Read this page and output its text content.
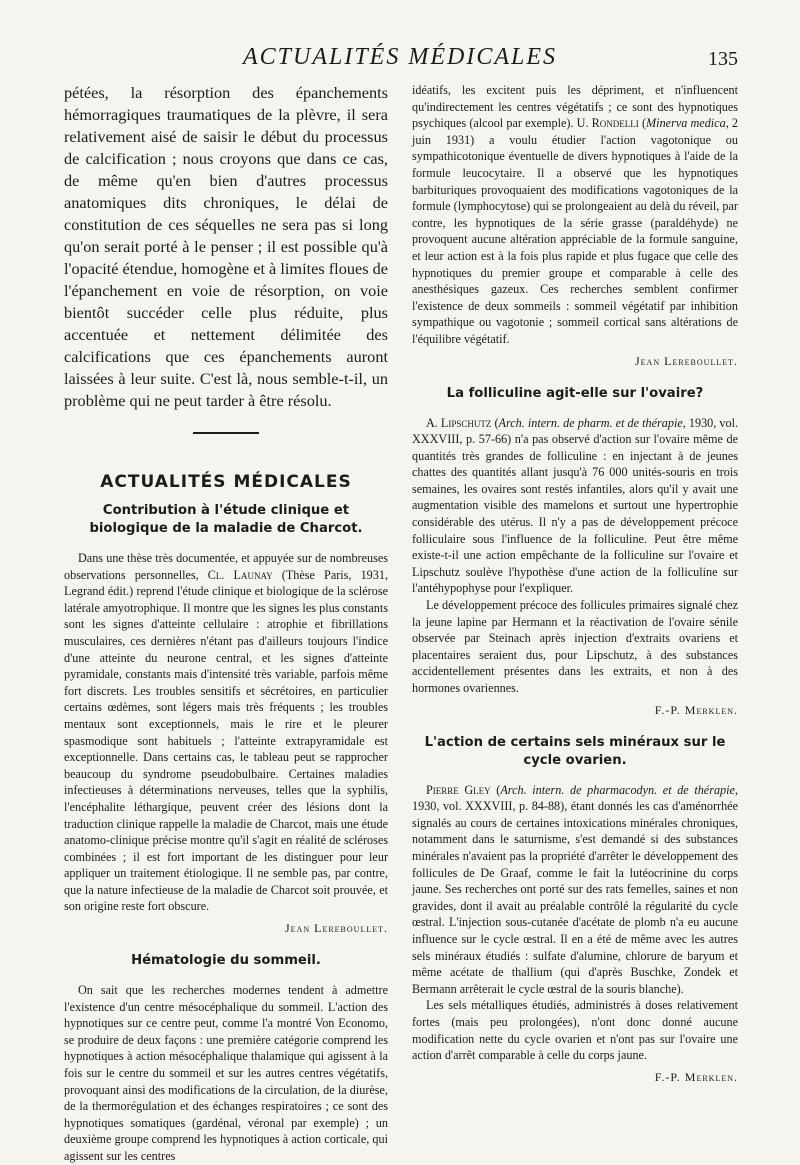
ACTUALITÉS MÉDICALES	135

pétées, la résorption des épanchements hémorragiques traumatiques de la plèvre, il sera relativement aisé de saisir le début du processus de calcification ; nous croyons que dans ce cas, de même qu'en bien d'autres processus anatomiques dits chroniques, le délai de constitution de ces séquelles ne sera pas si long qu'on serait porté à le penser ; il est possible qu'à l'opacité étendue, homogène et à limites floues de l'épanchement en voie de résorption, on voie bientôt succéder celle plus réduite, plus accentuée et nettement délimitée des calcifications que ces épanchements auront laissées à leur suite. C'est là, nous semble-t-il, un problème qui ne peut tarder à être résolu.

ACTUALITÉS MÉDICALES
Contribution à l'étude clinique et biologique de la maladie de Charcot.

Dans une thèse très documentée, et appuyée sur de nombreuses observations personnelles, Cl. Launay (Thèse Paris, 1931, Legrand édit.) reprend l'étude clinique et biologique de la sclérose latérale amyotrophique. Il montre que les signes les plus constants sont les signes d'atteinte cellulaire : atrophie et fibrillations musculaires, ces dernières n'étant pas d'ailleurs toujours l'indice d'une atteinte du neurone central, et les signes d'atteinte pyramidale, constants mais d'intensité très variable, parfois même fort discrets. Les troubles sensitifs et sécrétoires, en particulier certains œdèmes, sont légers mais très fréquents ; les troubles mentaux sont exceptionnels, mais le rire et le pleurer spasmodique sont habituels ; l'atteinte extrapyramidale est exceptionnelle. Dans certains cas, le tableau peut se rapprocher beaucoup du syndrome pseudobulbaire. Certaines maladies infectieuses à déterminations nerveuses, telles que la syphilis, l'encéphalite léthargique, peuvent créer des lésions dont la traduction clinique rappelle la maladie de Charcot, mais une étude anatomo-clinique précise montre qu'il s'agit en réalité de scléroses combinées ; il est fort important de les distinguer pour leur appliquer un traitement étiologique. Il ne semble pas, par contre, que la nature infectieuse de la maladie de Charcot soit prouvée, et son origine reste fort obscure.

Jean Lereboullet.
Hématologie du sommeil.

On sait que les recherches modernes tendent à admettre l'existence d'un centre mésocéphalique du sommeil. L'action des hypnotiques sur ce centre peut, comme l'a montré Von Economo, se produire de deux façons : une première catégorie comprend les hypnotiques à action mésocéphalique thalamique qui agissent à la fois sur le centre du sommeil et sur les autres centres végétatifs, provoquant ainsi des modifications de la circulation, de la diurèse, de la thermorégulation et des échanges respiratoires ; ce sont des hypnotiques somatiques (gardénal, véronal par exemple) ; un deuxième groupe comprend les hypnotiques à action corticale, qui agissent sur les centres

idéatifs, les excitent puis les dépriment, et n'influencent qu'indirectement les centres végétatifs ; ce sont des hypnotiques psychiques (alcool par exemple). U. Rondelli (Minerva medica, 2 juin 1931) a voulu étudier l'action vagotonique ou sympathicotonique éventuelle de divers hypnotiques à l'aide de la formule leucocytaire. Il a observé que les hypnotiques barbituriques provoquaient des modifications vagotoniques de la formule (lymphocytose) qui se prolongeaient au delà du réveil, par contre, les hypnotiques de la série grasse (paraldéhyde) ne provoquent aucune altération appréciable de la formule sanguine, et leur action est à la fois plus rapide et plus fugace que celle des hypnotiques du premier groupe et comparable à celle des anesthésiques gazeux. Ces recherches semblent confirmer l'existence de deux sommeils : sommeil végétatif par inhibition sympathique ou vagotonie ; sommeil cortical sans altérations de l'équilibre végétatif.

Jean Lereboullet.
La folliculine agit-elle sur l'ovaire?

A. Lipschutz (Arch. intern. de pharm. et de thérapie, 1930, vol. XXXVIII, p. 57-66) n'a pas observé d'action sur l'ovaire même de quantités très grandes de folliculine : en injectant à de jeunes chattes des quantités allant jusqu'à 76 000 unités-souris en trois semaines, les ovaires sont restés infantiles, alors qu'il y avait une augmentation visible des mamelons et surtout une hypertrophie considérable des utérus. Il n'y a pas de développement précoce folliculaire sous l'influence de la folliculine. Peut être même existe-t-il une action empêchante de la folliculine sur l'ovaire et Lipschutz soulève l'hypothèse d'une action de la folliculine sur l'antéhypophyse pour l'expliquer.

Le développement précoce des follicules primaires signalé chez la jeune lapine par Hermann et la réactivation de l'ovaire sénile observée par Steinach après injection d'extraits ovariens et placentaires seraient dus, pour Lipschutz, à des substances accidentellement présentes dans les extraits, et non à des hormones ovariennes.

F.-P. Merklen.
L'action de certains sels minéraux sur le cycle ovarien.

Pierre Gley (Arch. intern. de pharmacodyn. et de thérapie, 1930, vol. XXXVIII, p. 84-88), étant donnés les cas d'aménorrhée signalés au cours de certaines intoxications minérales chroniques, notamment dans le saturnisme, s'est demandé si des substances minérales n'avaient pas la propriété d'arrêter le développement des follicules de De Graaf, comme le fait la lutéocrinine du corps jaune. Ses recherches ont porté sur des rats femelles, saines et non gravides, dont il avait au préalable contrôlé la régularité du cycle œstral. L'injection sous-cutanée d'acétate de plomb n'a eu aucune influence sur le cycle œstral. Il en a été de même avec les autres sels minéraux étudiés : sulfate d'alumine, chlorure de baryum et même acétate de thallium (qui d'après Buschke, Zondek et Bermann arrêterait le cycle œstral de la souris blanche).

Les sels métalliques étudiés, administrés à doses relativement fortes (mais peu prolongées), n'ont donc donné aucune modification nette du cycle ovarien et n'ont pas sur l'ovaire une action d'arrêt comparable à celle du corps jaune.

F.-P. Merklen.
